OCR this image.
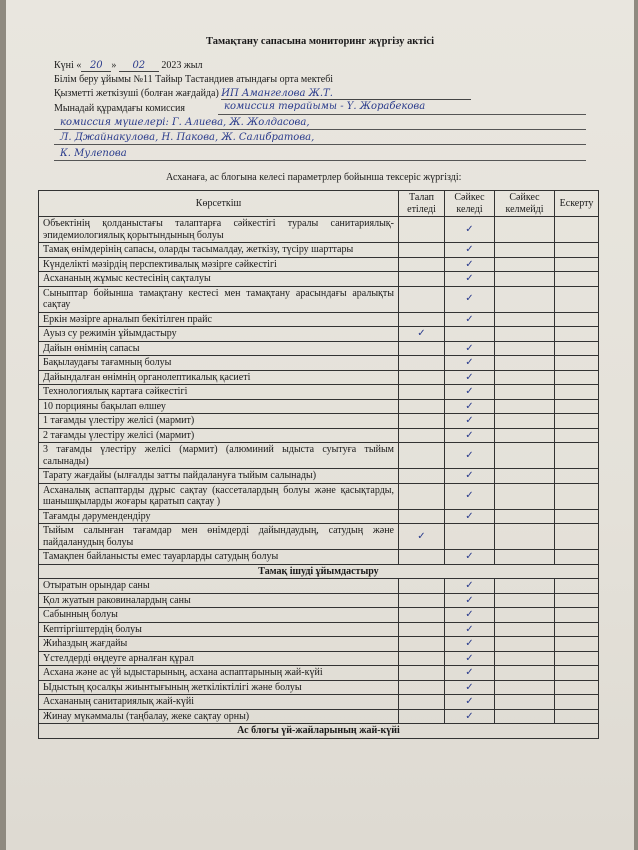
Тамақтану сапасына мониторинг жүргізу актісі
Күні « 20 » 02 2023 жыл
Білім беру ұйымы №11 Тайыр Тастандиев атындағы орта мектебі
Қызметті жеткізуші (болған жағдайда) ИП Амангелова Ж.Т.
Мынадай құрамдағы комиссия	комиссия төрайымы - Ү. Жорабекова
комиссия мүшелері: Г. Алиева, Ж. Жолдасова,
Л. Джайнакулова, Н. Пакова, Ж. Салибратова,
К. Мулепова
Асханаға, ас блогына келесі параметрлер бойынша тексеріс жүргізді:
Көрсеткіш	Талап етіледі	Сәйкес келеді	Сәйкес келмейді	Ескерту
Объектінің қолданыстағы талаптарға сәйкестігі туралы санитариялық-эпидемиологиялық қорытындының болуы		✓		
Тамақ өнімдерінің сапасы, оларды тасымалдау, жеткізу, түсіру шарттары		✓		
Күнделікті мәзірдің перспективалық мәзірге сәйкестігі		✓		
Асхананың жұмыс кестесінің сақталуы		✓		
Сыныптар бойынша тамақтану кестесі мен тамақтану арасындағы аралықты сақтау		✓		
Еркін мәзірге арналып бекітілген прайс		✓		
Ауыз су режимін ұйымдастыру	✓			
Дайын өнімнің сапасы		✓		
Бақылаудағы тағамның болуы		✓		
Дайындалған өнімнің органолептикалық қасиеті		✓		
Технологиялық картаға сәйкестігі		✓		
10 порцияны бақылап өлшеу		✓		
1 тағамды үлестіру желісі (мармит)		✓		
2 тағамды үлестіру желісі (мармит)		✓		
3 тағамды үлестіру желісі (мармит) (алюминий ыдыста суытуға тыйым салынады)		✓		
Тарату жағдайы (ылғалды затты пайдалануға тыйым салынады)		✓		
Асханалық аспаптарды дұрыс сақтау (кассеталардың болуы және қасықтарды, шанышқыларды жоғары қаратып сақтау )		✓		
Тағамды дәрумендендіру		✓		
Тыйым салынған тағамдар мен өнімдерді дайындаудың, сатудың және пайдаланудың болуы	✓			
Тамақпен байланысты емес тауарларды сатудың болуы		✓		
Тамақ ішуді ұйымдастыру				
Отыратын орындар саны		✓		
Қол жуатын раковиналардың саны		✓		
Сабынның болуы		✓		
Кептіргіштердің болуы		✓		
Жиһаздың жағдайы		✓		
Үстелдерді өңдеуге арналған құрал		✓		
Асхана және ас үй ыдыстарының, асхана аспаптарының жай-күйі		✓		
Ыдыстың қосалқы жиынтығының жеткіліктілігі және болуы		✓		
Асхананың санитариялық жай-күйі		✓		
Жинау мүкәммалы (таңбалау, жеке сақтау орны)		✓		
Ас блогы үй-жайларының жай-күйі				
